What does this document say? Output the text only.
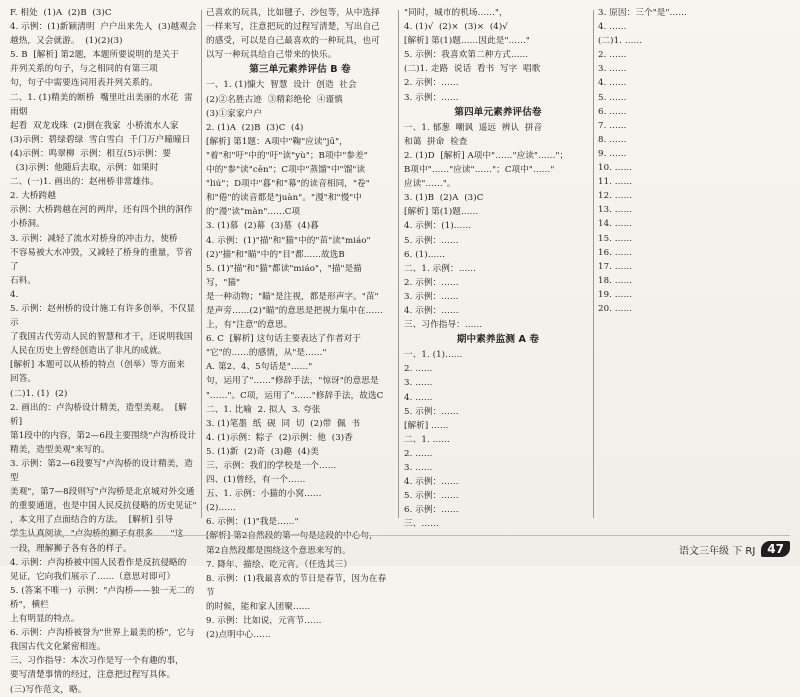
F. 相处  (1)A  (2)B  (3)C

4. 示例：(1)新颖清明  户户出来先人  (3)越观会

越热，又会就游。  (1)(2)(3)

5. B  [解析] 第2题，本题所要说明的是关于

并列关系的句子，与之相同的有第三项

句，句子中需要连词用表并列关系的。

二、1. (1)精美的断桥  嘴里吐出美丽的水花  雷雨烟

起看  双龙戏珠  (2)倒在我家  小桥流水人家

(3)示例：碧绿碧绿  雪白雪白  千门万户曈曈日

(4)示例：鸣翠柳  示例：相互(5)示例：要

(3)示例：他随后去取，示例：如果时

二、(一)1. 画出的：赵州桥非常雄伟。

2. 大桥跨越

示例：大桥跨越在河的两岸，还有四个拱的洞作

小桥洞。

3. 示例：减轻了流水对桥身的冲击力，使桥

不容易被大水冲毁，又减轻了桥身的重量，节省了

石料。

4.

5. 示例：赵州桥的设计施工有许多创举，不仅显示

了我国古代劳动人民的智慧和才干，还说明我国

人民在历史上曾经创造出了非凡的成就。

[解析] 本题可以从桥的特点（创举）等方面来

回答。

(二)1. (1)  (2)

2. 画出的：卢沟桥设计精美，造型美观。  [解析]

第1段中的内容，第2—6段主要围绕"卢沟桥设计

精美，造型美观"来写的。

3. 示例：第2—6段要写"卢沟桥的设计精美，造型

美观"，第7—8段则写"卢沟桥是北京城对外交通

的重要通道，也是中国人民反抗侵略的历史见证"

，本文用了点面结合的方法。  [解析] 引导

学生认真阅读，"卢沟桥的狮子有很多……"这

一段，理解狮子各有各的样子。

4. 示例：卢沟桥被中国人民看作是反抗侵略的

见证，它向我们展示了……（意思对即可）

5. (答案不唯一)  示例："卢沟桥——独一无二的桥"，横栏

上有明显的特点。

6. 示例：卢沟桥被誉为"世界上最美的桥"，它与

我国古代文化紧密相连。

三、习作指导：本次习作是写一个有趣的事，

要写清楚事情的经过，注意把过程写具体。

(三)写作范文，略。

己喜欢的玩具，比如毽子、沙包等，从中选择

一样来写，注意把玩的过程写清楚，写出自己

的感受，可以是自己最喜欢的一种玩具，也可

以写一种玩具给自己带来的快乐。

第三单元素养评估 B 卷

一、1. (1)慷大  智慧  设计  创造  社会

(2)②名胜古迹  ③精彩绝伦  ④谨慎

(3)①家家户户

2. (1)A  (2)B  (3)C  (4)

[解析] 第1题：A项中"鞠"应读"jū"，

"着"和"吁"中的"吁"读"yù"；B项中"参差"

中的"参"读"cēn"；C项中"蒸馏"中"馏"读

"liú"；D项中"暮"和"幕"的读音相同，"卷"

和"倦"的读音都是"juàn"。"漫"和"慢"中

的"漫"读"màn"……C项

3. (1)慕  (2)幕  (3)墓  (4)暮

4. 示例：(1)"描"和"猫"中的"苗"读"miáo"

(2)"描"和"瞄"中的"目"都……故选B

5. (1)"描"和"猫"都读"miáo"，"描"是描写，"猫"

是一种动物；"瞄"是注视，都是形声字。"苗"

是声旁……(2)"瞄"的意思是把视力集中在……

上，有"注意"的意思。

6. C  [解析] 这句话主要表达了作者对于

"它"的……的感情，从"是……"

A. 第2、4、5句话是"……"

句，运用了"……"修辞手法，"惊讶"的意思是

"……"。C项，运用了"……"修辞手法，故选C

二、1. 比喻  2. 拟人  3. 夸张

3. (1)笔墨  纸  砚  同  切  (2)带  佩  书

4. (1)示例：粽子  (2)示例：他  (3)香

5. (1)新  (2)奇  (3)趣  (4)美

三、示例：我们的学校是一个……

四、(1)曾经，有一个……

五、1. 示例：小猫的小窝……

(2)……

6. 示例：(1)"我是……"

[解析] 第2自然段的第一句是这段的中心句，

第2自然段都是围绕这个意思来写的。

7. 降年、描绘、吃元宵。（任选其三）

8. 示例：(1)我最喜欢的节日是春节，因为在春节

的时候，能和家人团聚……

9. 示例：比如说，元宵节……

(2)点明中心……

"同时，城市的机场……"，

4. (1)√  (2)×  (3)×  (4)√

[解析] 第(1)题……因此是"……"

5. 示例：我喜欢第二种方式……

(二)1. 走路  说话  看书  写字  唱歌

2. 示例：……

3. 示例：……

第四单元素养评估卷

一、1. 郁葱  嘲讽  遥远  辨认  拼音

和蔼  拼命  检查

2. (1)D  [解析] A项中"……"应读"……"；

B项中"……"应读"……"；C项中"……"

应读"……"。

3. (1)B  (2)A  (3)C

[解析] 第(1)题……

4. 示例：(1)……

5. 示例：……

6. (1)……

二、1. 示例：……

2. 示例：……

3. 示例：……

4. 示例：……

三、习作指导：……

期中素养监测 A 卷

一、1. (1)……

2. ……

3. ……

4. ……

5. 示例：……

[解析] ……

二、1. ……

2. ……

3. ……

4. 示例：……

5. 示例：……

6. 示例：……

三、……

3. 原因：三个"是"……

4. ……

(二)1. ……

2. ……

3. ……

4. ……

5. ……

6. ……

7. ……

8. ……

9. ……

10. ……

11. ……

12. ……

13. ……

14. ……

15. ……

16. ……

17. ……

18. ……

19. ……

20. ……

语文三年级 下 RJ	47
